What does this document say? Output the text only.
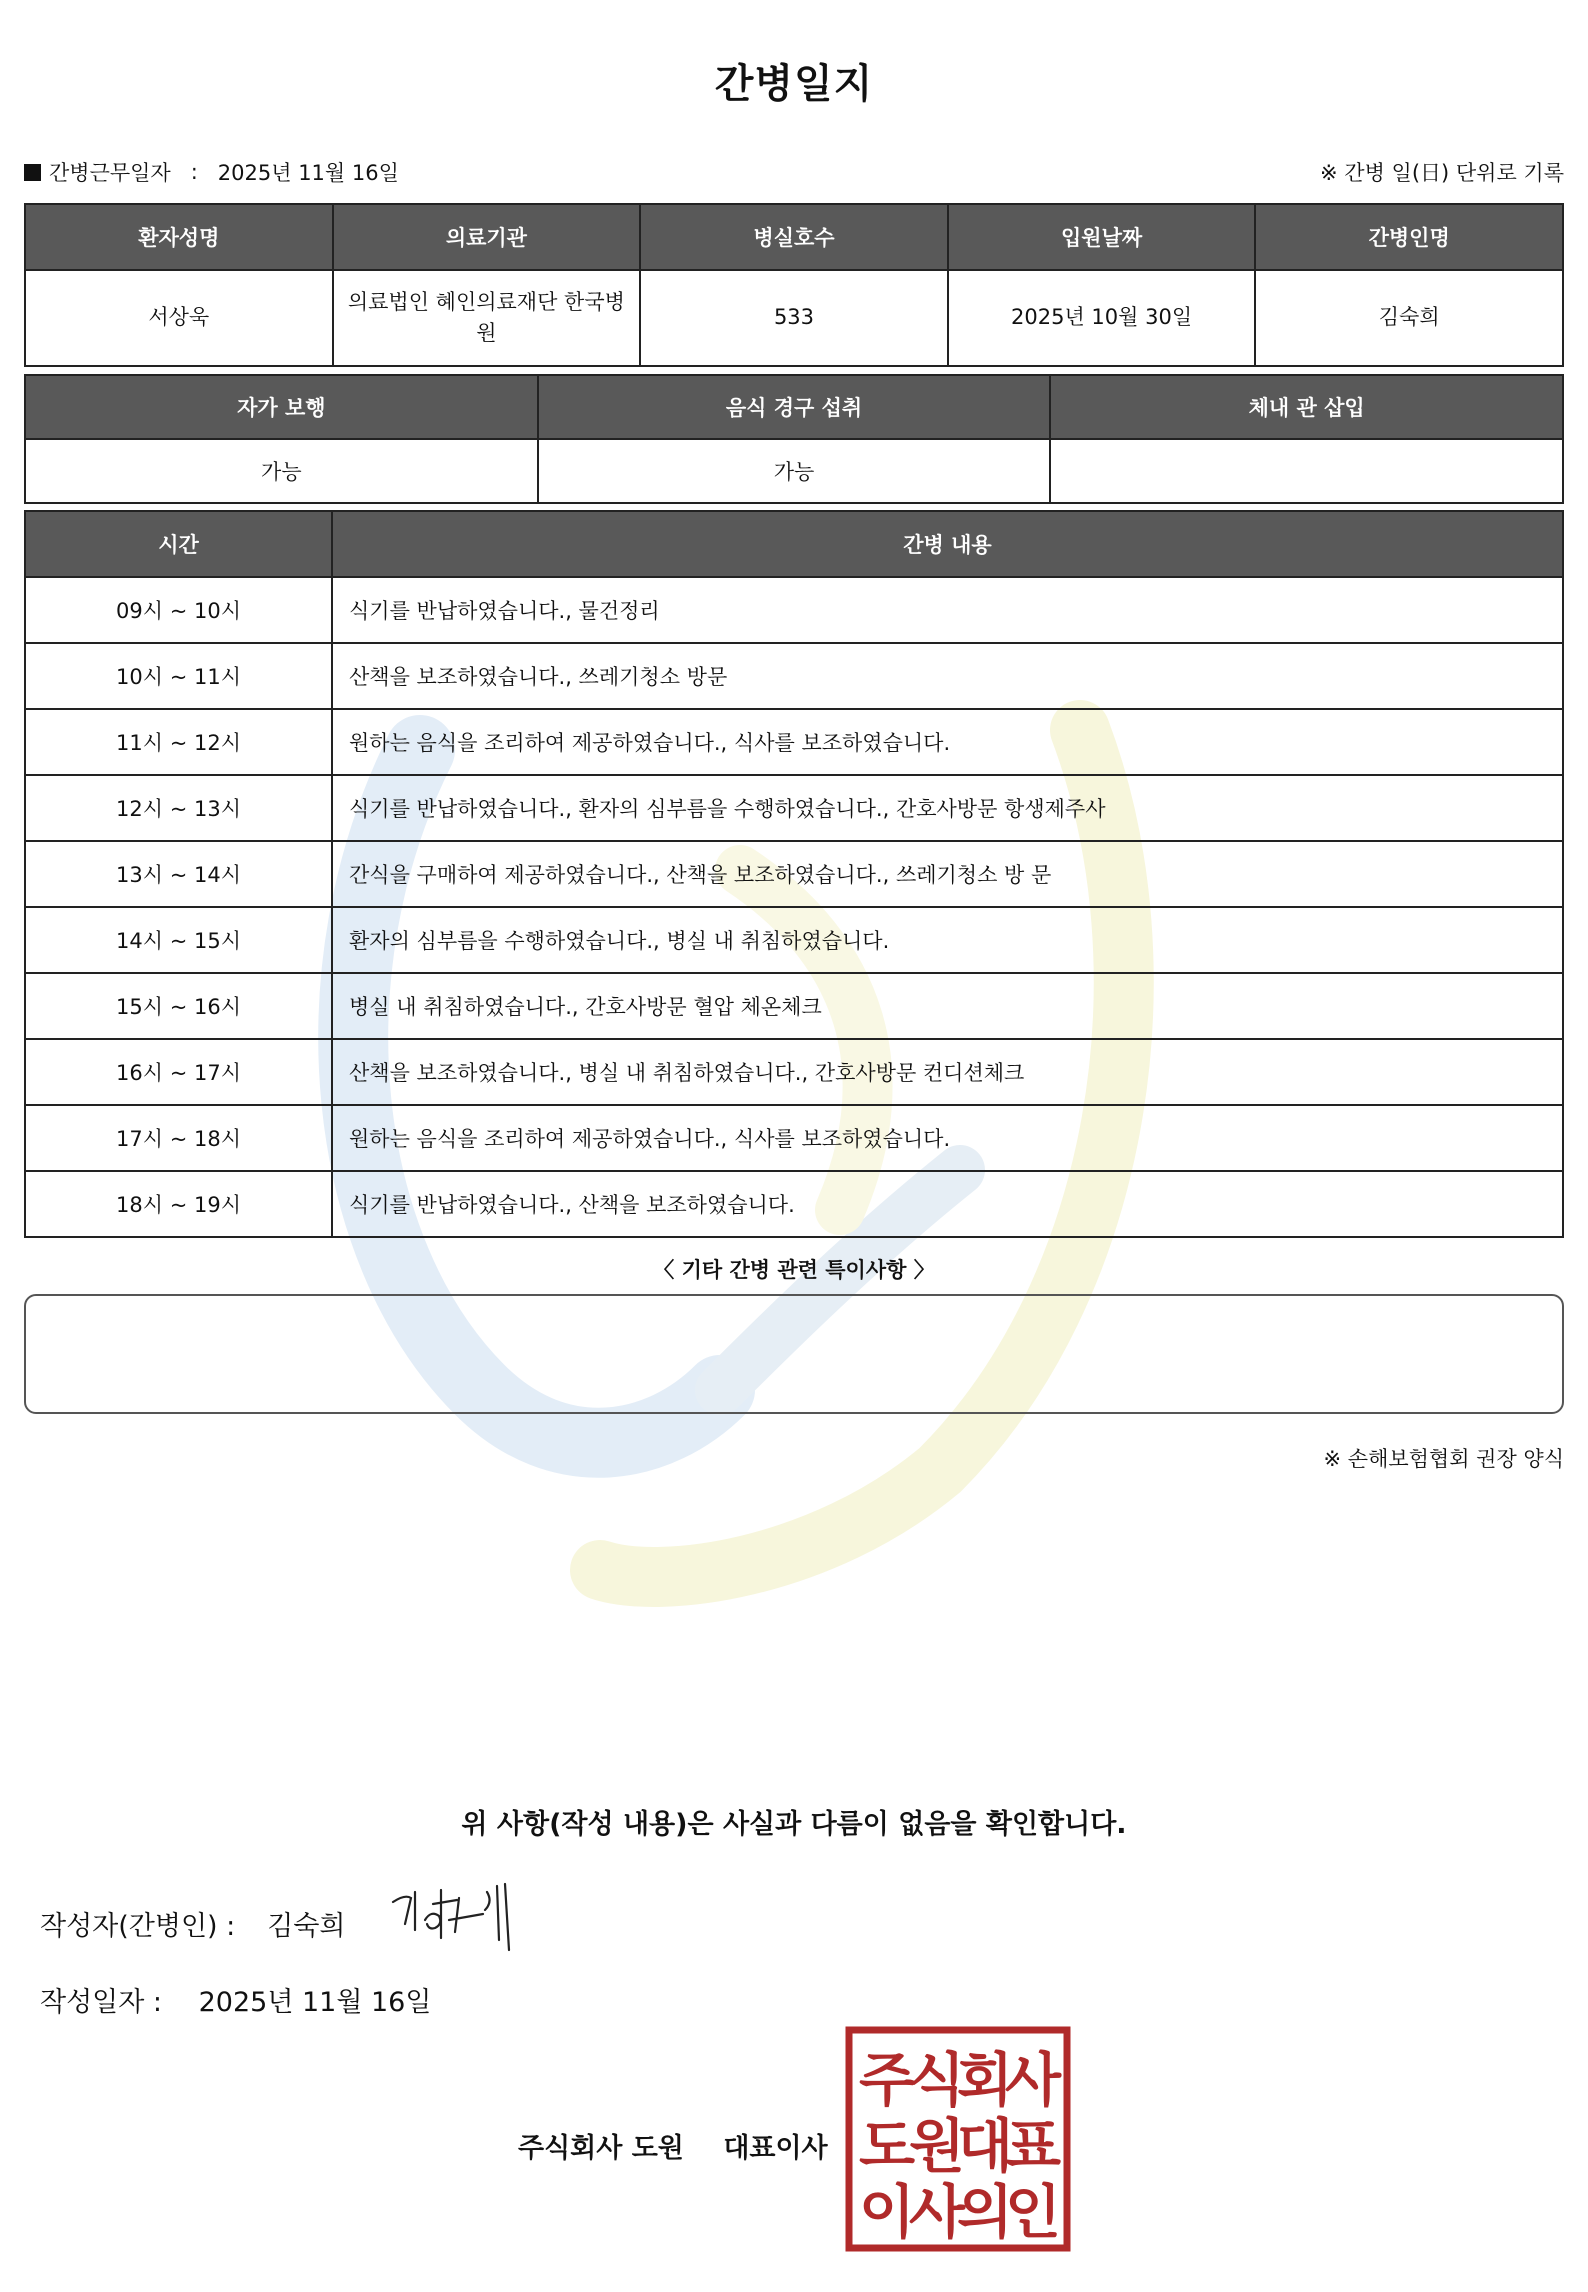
간병일지
간병근무일자 : 2025년 11월 16일	※ 간병 일(日) 단위로 기록
환자성명	의료기관	병실호수	입원날짜	간병인명
서상욱	의료법인 혜인의료재단 한국병원	533	2025년 10월 30일	김숙희
자가 보행	음식 경구 섭취	체내 관 삽입
가능	가능	
시간	간병 내용
09시 ~ 10시	식기를 반납하였습니다., 물건정리
10시 ~ 11시	산책을 보조하였습니다., 쓰레기청소 방문
11시 ~ 12시	원하는 음식을 조리하여 제공하였습니다., 식사를 보조하였습니다.
12시 ~ 13시	식기를 반납하였습니다., 환자의 심부름을 수행하였습니다., 간호사방문 항생제주사
13시 ~ 14시	간식을 구매하여 제공하였습니다., 산책을 보조하였습니다., 쓰레기청소 방 문
14시 ~ 15시	환자의 심부름을 수행하였습니다., 병실 내 취침하였습니다.
15시 ~ 16시	병실 내 취침하였습니다., 간호사방문 혈압 체온체크
16시 ~ 17시	산책을 보조하였습니다., 병실 내 취침하였습니다., 간호사방문 컨디션체크
17시 ~ 18시	원하는 음식을 조리하여 제공하였습니다., 식사를 보조하였습니다.
18시 ~ 19시	식기를 반납하였습니다., 산책을 보조하였습니다.
〈 기타 간병 관련 특이사항 〉
※ 손해보험협회 권장 양식
위 사항(작성 내용)은 사실과 다름이 없음을 확인합니다.
작성자(간병인) : 김숙희
작성일자 : 2025년 11월 16일
주식회사 도원 대표이사
주
식
회
사
도
원
대
표
이
사
의
인
